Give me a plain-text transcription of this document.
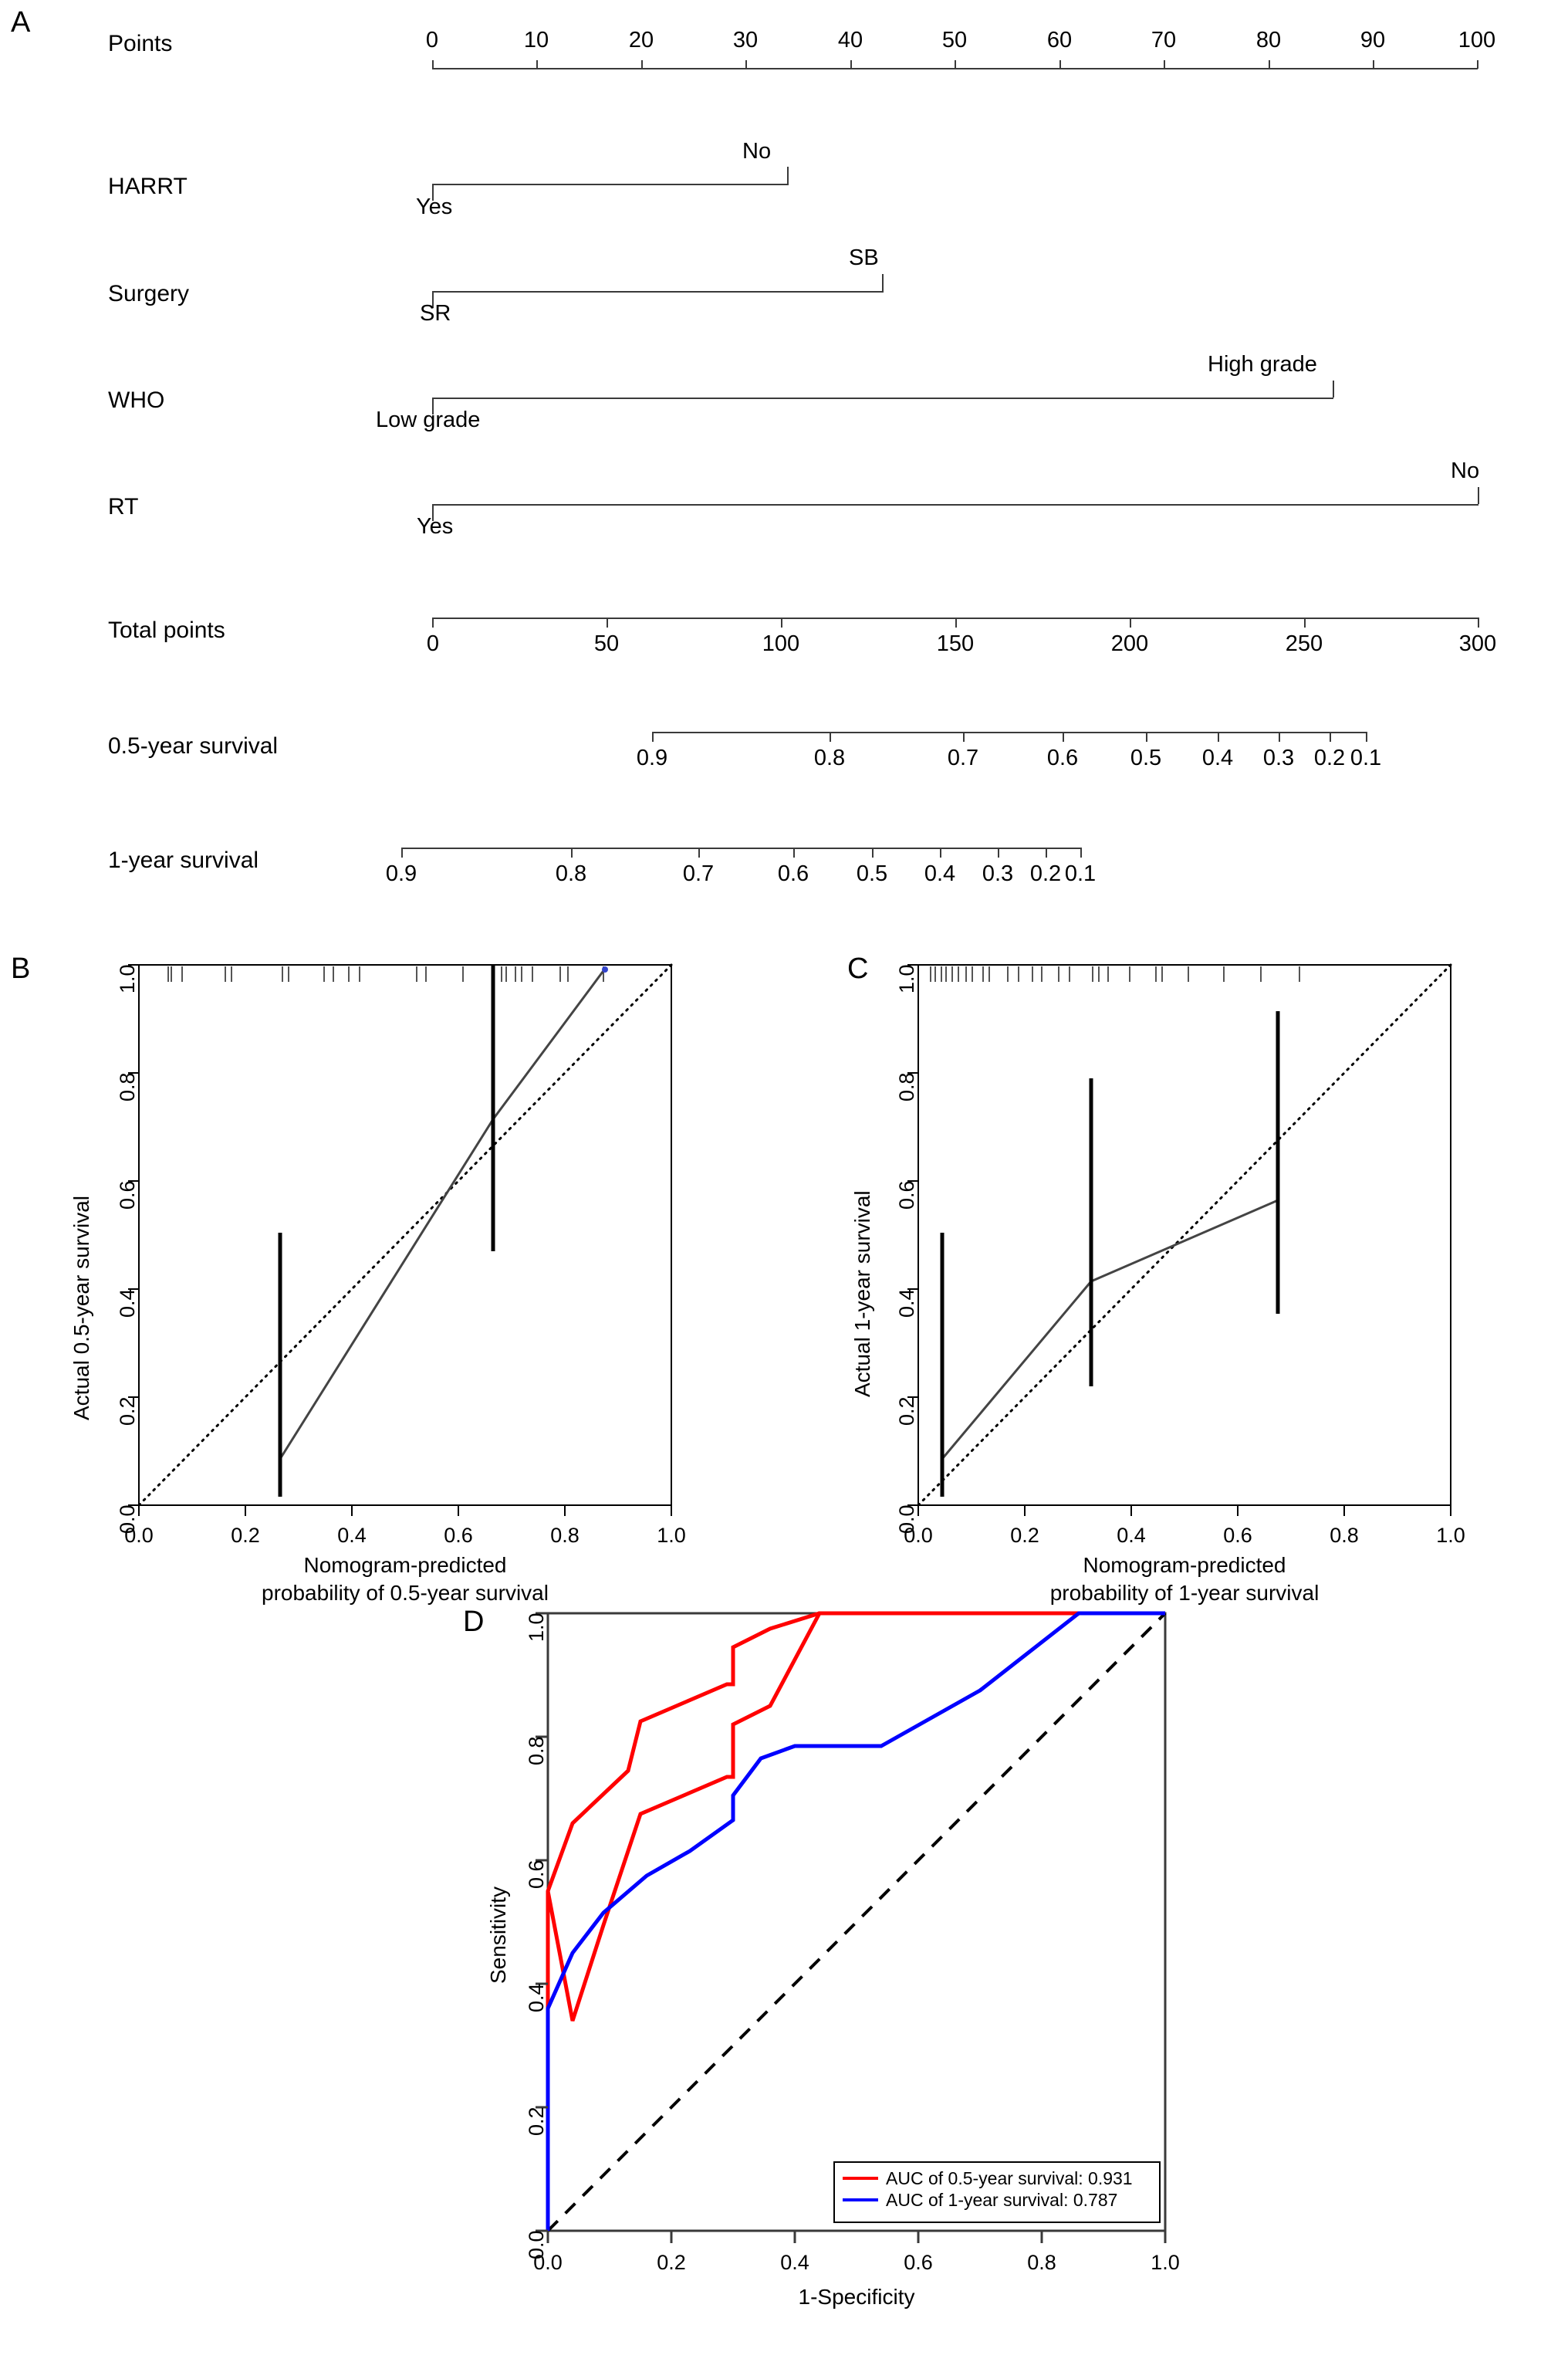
A
Points
HARRT
Surgery
WHO
RT
Total points
0.5-year survival
1-year survival
0	10	20	30	40	50	60	70	80	90	100
Yes
No
SR
SB
Low grade
High grade
Yes
No
0	50	100	150	200	250	300
0.9	0.8	0.7	0.6	0.5	0.4	0.3 0.2 0.1
0.9	0.8	0.7	0.6	0.5	0.4	0.3 0.2 0.1
B
0.0	0.2	0.4	0.6	0.8	1.0
0.0
0.2
0.4
0.6
0.8
1.0
Actual 0.5-year survival
Nomogram-predicted
probability of 0.5-year survival
C
0.0	0.2	0.4	0.6	0.8	1.0
0.0
0.2
0.4
0.6
0.8
1.0
Actual 1-year survival
Nomogram-predicted
probability of 1-year survival
D
0.0	0.2	0.4	0.6	0.8	1.0
0.0
0.2
0.4
0.6
0.8
1.0
Sensitivity
1-Specificity
AUC of 0.5-year survival: 0.931
AUC of 1-year survival: 0.787
